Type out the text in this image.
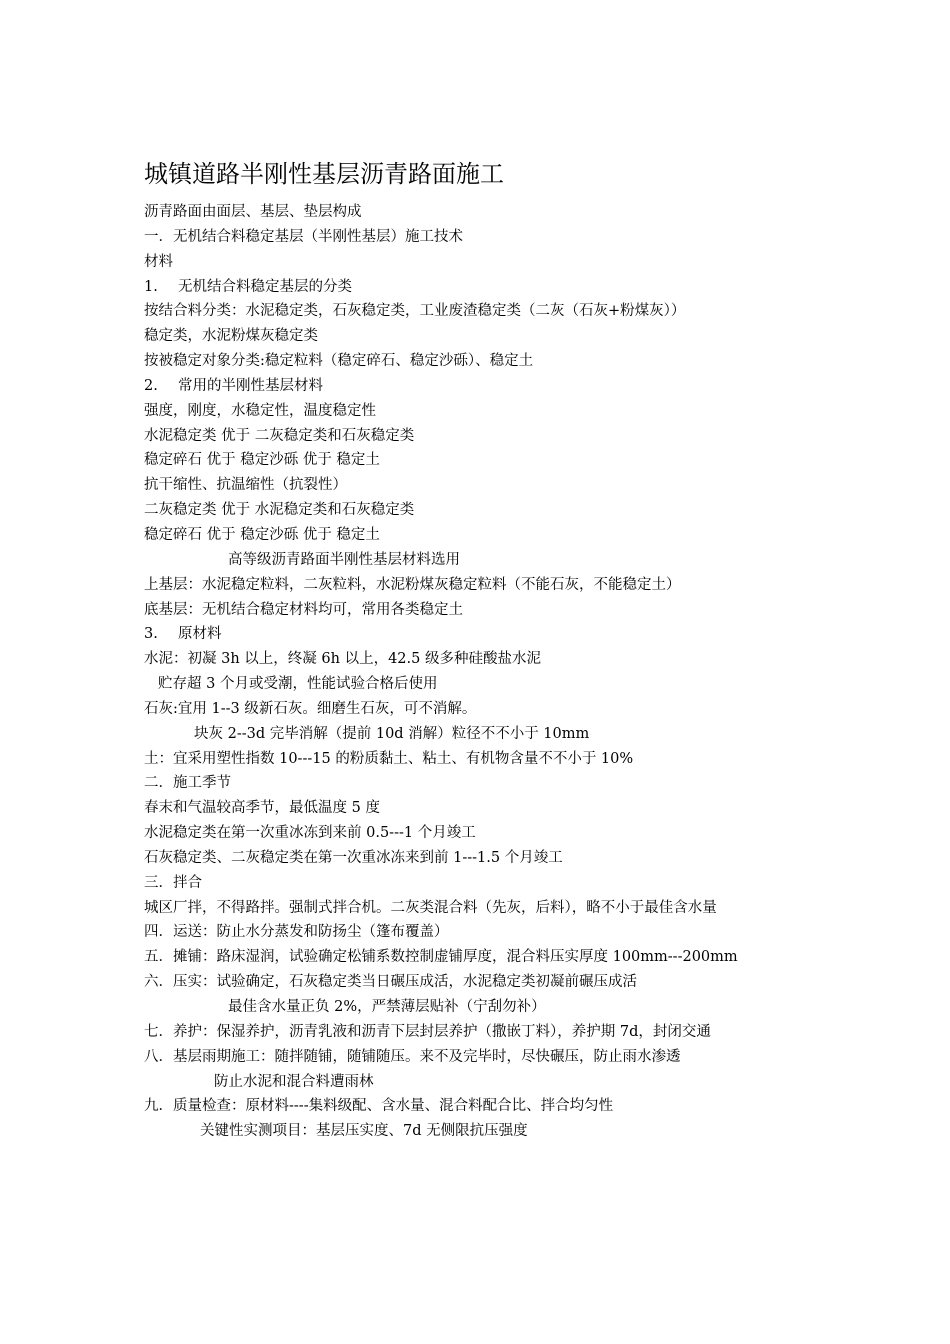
城镇道路半刚性基层沥青路面施工
沥青路面由面层、基层、垫层构成
一．无机结合料稳定基层（半刚性基层）施工技术
材料
1. 无机结合料稳定基层的分类
按结合料分类：水泥稳定类，石灰稳定类，工业废渣稳定类（二灰（石灰+粉煤灰））
稳定类，水泥粉煤灰稳定类
按被稳定对象分类:稳定粒料（稳定碎石、稳定沙砾）、稳定土
2. 常用的半刚性基层材料
强度，刚度，水稳定性，温度稳定性
水泥稳定类 优于 二灰稳定类和石灰稳定类
稳定碎石 优于 稳定沙砾 优于 稳定土
抗干缩性、抗温缩性（抗裂性）
二灰稳定类 优于 水泥稳定类和石灰稳定类
稳定碎石 优于 稳定沙砾 优于 稳定土
高等级沥青路面半刚性基层材料选用
上基层：水泥稳定粒料，二灰粒料，水泥粉煤灰稳定粒料（不能石灰，不能稳定土）
底基层：无机结合稳定材料均可，常用各类稳定土
3. 原材料
水泥：初凝 3h 以上，终凝 6h 以上，42.5 级多种硅酸盐水泥
贮存超 3 个月或受潮，性能试验合格后使用
石灰:宜用 1--3 级新石灰。细磨生石灰，可不消解。
块灰 2--3d 完毕消解（提前 10d 消解）粒径不不小于 10mm
土：宜采用塑性指数 10---15 的粉质黏土、粘土、有机物含量不不小于 10%
二．施工季节
春末和气温较高季节，最低温度 5 度
水泥稳定类在第一次重冰冻到来前 0.5---1 个月竣工
石灰稳定类、二灰稳定类在第一次重冰冻来到前 1---1.5 个月竣工
三．拌合
城区厂拌，不得路拌。强制式拌合机。二灰类混合料（先灰，后料），略不小于最佳含水量
四．运送：防止水分蒸发和防扬尘（篷布覆盖）
五．摊铺：路床湿润，试验确定松铺系数控制虚铺厚度，混合料压实厚度 100mm---200mm
六．压实：试验确定，石灰稳定类当日碾压成活，水泥稳定类初凝前碾压成活
最佳含水量正负 2%，严禁薄层贴补（宁刮勿补）
七．养护：保湿养护，沥青乳液和沥青下层封层养护（撒嵌丁料），养护期 7d，封闭交通
八．基层雨期施工：随拌随铺，随铺随压。来不及完毕时，尽快碾压，防止雨水渗透
防止水泥和混合料遭雨林
九．质量检查：原材料----集料级配、含水量、混合料配合比、拌合均匀性
关键性实测项目：基层压实度、7d 无侧限抗压强度
